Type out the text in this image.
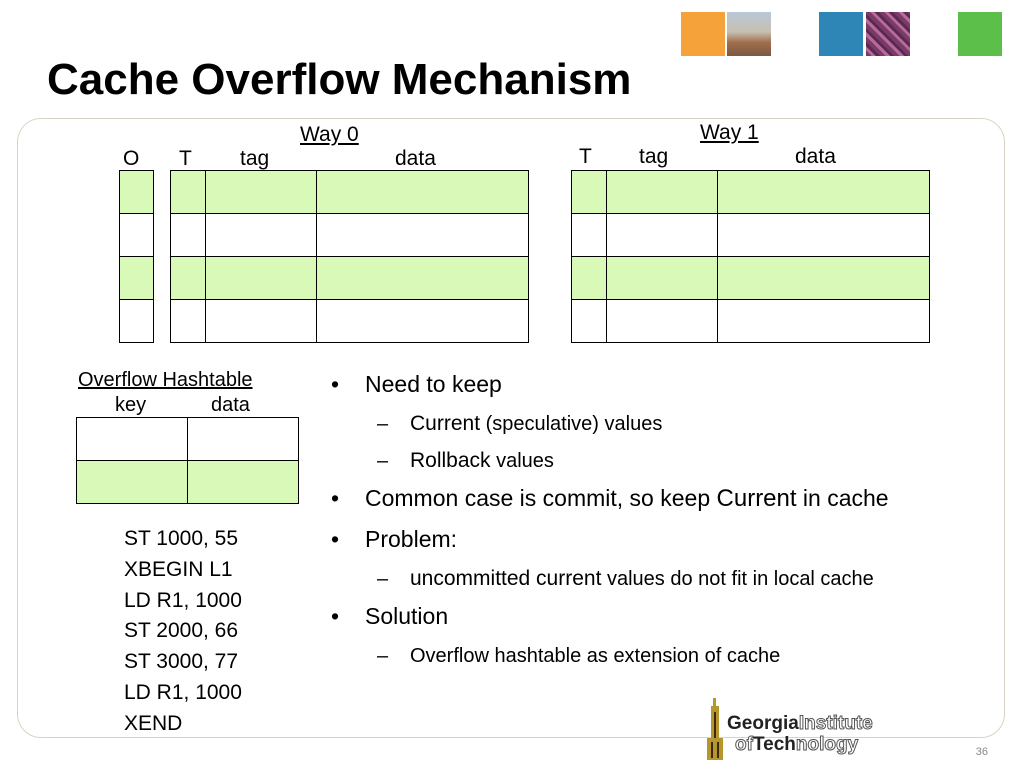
Cache Overflow Mechanism
Way 0
O T tag	data

Way 1
T tag	data

Overflow Hashtable
key	data

ST 1000, 55
XBEGIN L1
LD R1, 1000
ST 2000, 66
ST 3000, 77
LD R1, 1000
XEND
• Need to keep
– Current (speculative) values
– Rollback values
• Common case is commit, so keep Current in cache
• Problem:
– uncommitted current values do not fit in local cache
• Solution
– Overflow hashtable as extension of cache
GeorgiaInstitute
ofTechnology	36
